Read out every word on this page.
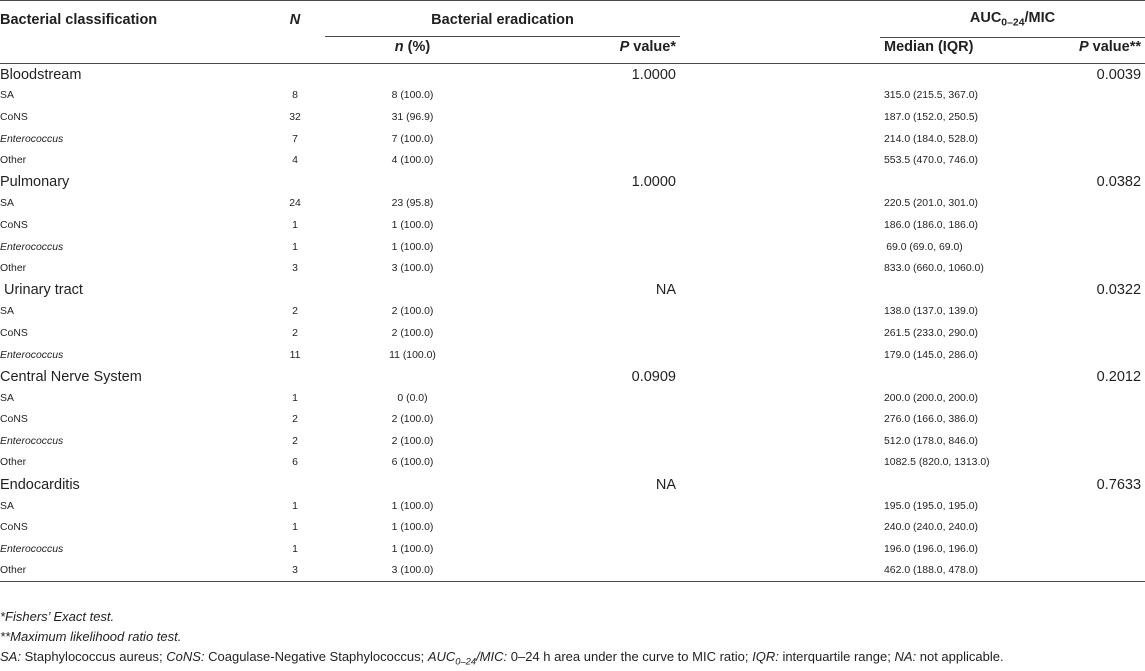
Bacterial classification	N	Bacterial eradication			$AUC_{0-24}$/MIC	

		n (%)	P value*		Median (IQR)	P value**
Bloodstream			1.0000			0.0039
SA	8	8 (100.0)			315.0 (215.5, 367.0)	
CoNS	32	31 (96.9)			187.0 (152.0, 250.5)	
Enterococcus	7	7 (100.0)			214.0 (184.0, 528.0)	
Other	4	4 (100.0)			553.5 (470.0, 746.0)	
Pulmonary			1.0000			0.0382
SA	24	23 (95.8)			220.5 (201.0, 301.0)	
CoNS	1	1 (100.0)			186.0 (186.0, 186.0)	
Enterococcus	1	1 (100.0)			69.0 (69.0, 69.0)	
Other	3	3 (100.0)			833.0 (660.0, 1060.0)	
Urinary tract			NA			0.0322
SA	2	2 (100.0)			138.0 (137.0, 139.0)	
CoNS	2	2 (100.0)			261.5 (233.0, 290.0)	
Enterococcus	11	11 (100.0)			179.0 (145.0, 286.0)	
Central Nerve System			0.0909			0.2012
SA	1	0 (0.0)			200.0 (200.0, 200.0)	
CoNS	2	2 (100.0)			276.0 (166.0, 386.0)	
Enterococcus	2	2 (100.0)			512.0 (178.0, 846.0)	
Other	6	6 (100.0)			1082.5 (820.0, 1313.0)	
Endocarditis			NA			0.7633
SA	1	1 (100.0)			195.0 (195.0, 195.0)	
CoNS	1	1 (100.0)			240.0 (240.0, 240.0)	
Enterococcus	1	1 (100.0)			196.0 (196.0, 196.0)	
Other	3	3 (100.0)			462.0 (188.0, 478.0)	
*Fishers’ Exact test.
**Maximum likelihood ratio test.
SA: Staphylococcus aureus; CoNS: Coagulase-Negative Staphylococcus; $AUC_{0-24}$/MIC: 0–24 h area under the curve to MIC ratio; IQR: interquartile range; NA: not applicable.
